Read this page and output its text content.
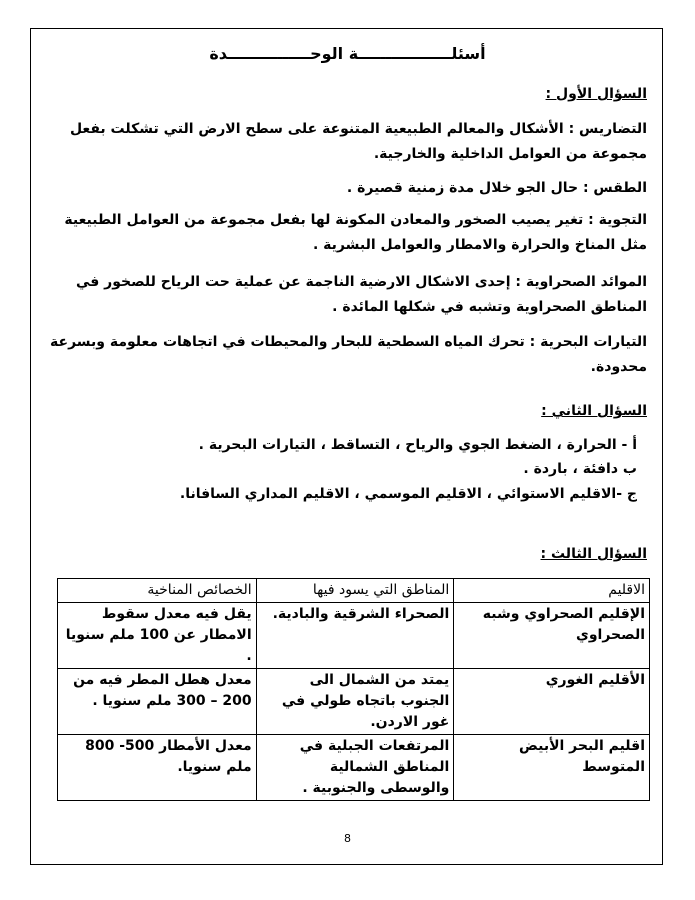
أسئلـــــــــــــــــة الوحـــــــــــــــدة
السؤال الأول :
التضاريس : الأشكال والمعالم الطبيعية المتنوعة على سطح الارض التي تشكلت بفعل مجموعة من العوامل الداخلية والخارجية.
الطقس : حال الجو خلال مدة زمنية قصيرة .
التجوية : تغير يصيب الصخور والمعادن المكونة لها بفعل مجموعة من العوامل الطبيعية مثل المناخ والحرارة والامطار والعوامل البشرية .
الموائد الصحراوية : إحدى الاشكال الارضية الناجمة عن عملية حت الرياح للصخور في المناطق الصحراوية وتشبه في شكلها المائدة .
التيارات البحرية : تحرك المياه السطحية للبحار والمحيطات في اتجاهات معلومة وبسرعة محدودة.
السؤال الثاني :
أ - الحرارة ، الضغط الجوي والرياح ، التساقط ، التيارات البحرية .
ب دافئة ، باردة .
ج -الاقليم الاستوائي ، الاقليم الموسمي ، الاقليم المداري السافانا.
السؤال الثالث :
الاقليم	المناطق التي يسود فيها	الخصائص المناخية
الإقليم الصحراوي وشبه الصحراوي	الصحراء الشرقية والبادية.	يقل فيه معدل سقوط الامطار عن 100 ملم سنويا .
الأقليم الغوري	يمتد من الشمال الى الجنوب باتجاه طولي في غور الاردن.	معدل هطل المطر فيه من 200 – 300 ملم سنويا .
اقليم البحر الأبيض المتوسط	المرتفعات الجبلية في المناطق الشمالية والوسطى والجنوبية .	معدل الأمطار 500- 800 ملم سنويا.
8
